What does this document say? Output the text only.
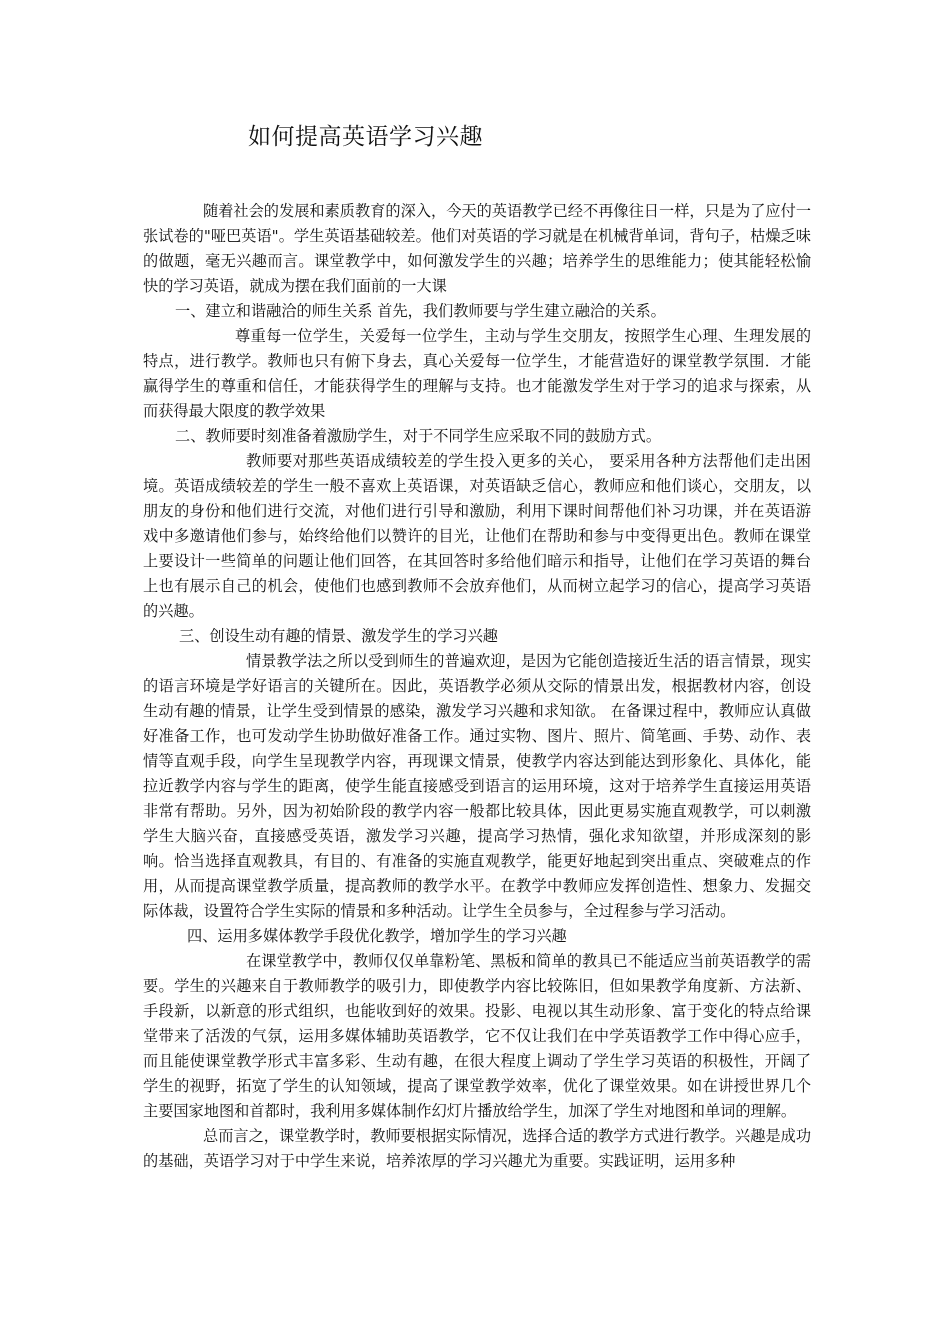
如何提高英语学习兴趣

随着社会的发展和素质教育的深入，今天的英语教学已经不再像往日一样，只是为了应付一张试卷的"哑巴英语"。学生英语基础较差。他们对英语的学习就是在机械背单词，背句子，枯燥乏味的做题，毫无兴趣而言。课堂教学中，如何激发学生的兴趣；培养学生的思维能力；使其能轻松愉快的学习英语，就成为摆在我们面前的一大课

一、建立和谐融洽的师生关系 首先，我们教师要与学生建立融洽的关系。

尊重每一位学生，关爱每一位学生，主动与学生交朋友，按照学生心理、生理发展的特点，进行教学。教师也只有俯下身去，真心关爱每一位学生，才能营造好的课堂教学氛围．才能赢得学生的尊重和信任，才能获得学生的理解与支持。也才能激发学生对于学习的追求与探索，从而获得最大限度的教学效果

二、教师要时刻准备着激励学生，对于不同学生应采取不同的鼓励方式。

教师要对那些英语成绩较差的学生投入更多的关心， 要采用各种方法帮他们走出困境。英语成绩较差的学生一般不喜欢上英语课，对英语缺乏信心，教师应和他们谈心，交朋友，以朋友的身份和他们进行交流，对他们进行引导和激励，利用下课时间帮他们补习功课，并在英语游戏中多邀请他们参与，始终给他们以赞许的目光，让他们在帮助和参与中变得更出色。教师在课堂上要设计一些简单的问题让他们回答，在其回答时多给他们暗示和指导，让他们在学习英语的舞台上也有展示自己的机会，使他们也感到教师不会放弃他们，从而树立起学习的信心，提高学习英语的兴趣。

三、创设生动有趣的情景、激发学生的学习兴趣

情景教学法之所以受到师生的普遍欢迎，是因为它能创造接近生活的语言情景，现实的语言环境是学好语言的关键所在。因此，英语教学必须从交际的情景出发，根据教材内容，创设生动有趣的情景，让学生受到情景的感染，激发学习兴趣和求知欲。 在备课过程中，教师应认真做好准备工作，也可发动学生协助做好准备工作。通过实物、图片、照片、简笔画、手势、动作、表情等直观手段，向学生呈现教学内容，再现课文情景，使教学内容达到能达到形象化、具体化，能拉近教学内容与学生的距离，使学生能直接感受到语言的运用环境，这对于培养学生直接运用英语非常有帮助。另外，因为初始阶段的教学内容一般都比较具体，因此更易实施直观教学，可以刺激学生大脑兴奋，直接感受英语，激发学习兴趣，提高学习热情，强化求知欲望，并形成深刻的影响。恰当选择直观教具，有目的、有准备的实施直观教学，能更好地起到突出重点、突破难点的作用，从而提高课堂教学质量，提高教师的教学水平。在教学中教师应发挥创造性、想象力、发掘交际体裁，设置符合学生实际的情景和多种活动。让学生全员参与，全过程参与学习活动。

四、运用多媒体教学手段优化教学，增加学生的学习兴趣

在课堂教学中，教师仅仅单靠粉笔、黑板和简单的教具已不能适应当前英语教学的需要。学生的兴趣来自于教师教学的吸引力，即使教学内容比较陈旧，但如果教学角度新、方法新、手段新，以新意的形式组织，也能收到好的效果。投影、电视以其生动形象、富于变化的特点给课堂带来了活泼的气氛，运用多媒体辅助英语教学，它不仅让我们在中学英语教学工作中得心应手，而且能使课堂教学形式丰富多彩、生动有趣，在很大程度上调动了学生学习英语的积极性，开阔了学生的视野，拓宽了学生的认知领域，提高了课堂教学效率，优化了课堂效果。如在讲授世界几个主要国家地图和首都时，我利用多媒体制作幻灯片播放给学生，加深了学生对地图和单词的理解。

总而言之，课堂教学时，教师要根据实际情况，选择合适的教学方式进行教学。兴趣是成功的基础，英语学习对于中学生来说，培养浓厚的学习兴趣尤为重要。实践证明，运用多种
